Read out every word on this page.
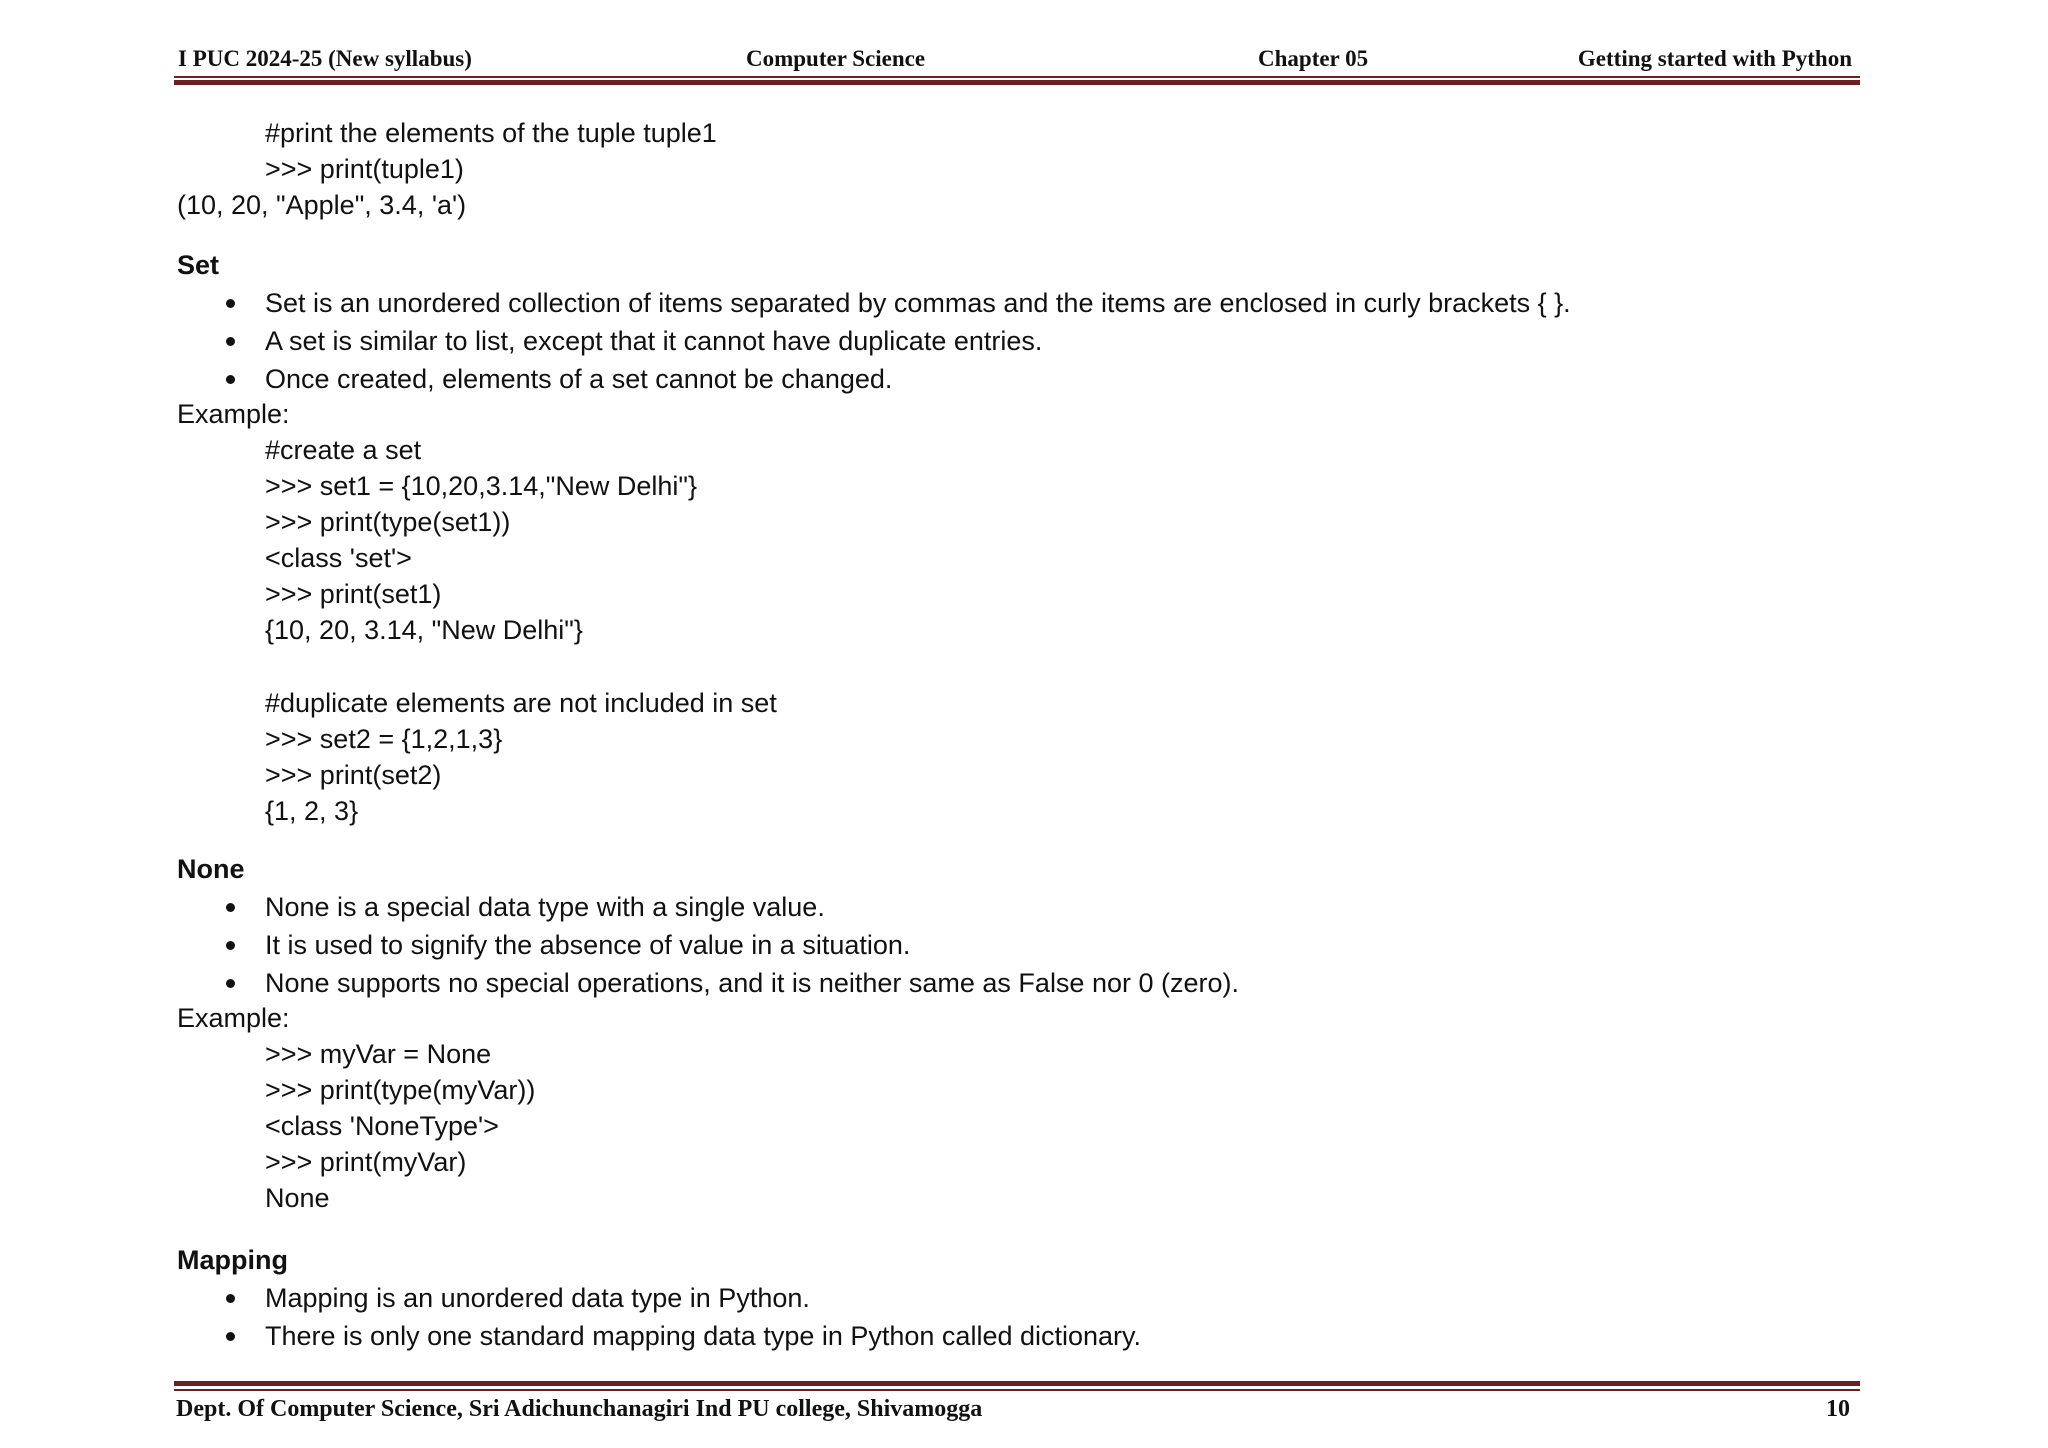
I PUC 2024-25 (New syllabus)	Computer Science	Chapter 05	Getting started with Python
#print the elements of the tuple tuple1
>>> print(tuple1)
(10, 20, "Apple", 3.4, 'a')
Set
Set is an unordered collection of items separated by commas and the items are enclosed in curly brackets { }.
A set is similar to list, except that it cannot have duplicate entries.
Once created, elements of a set cannot be changed.
Example:
#create a set
>>> set1 = {10,20,3.14,"New Delhi"}
>>> print(type(set1))
<class 'set'>
>>> print(set1)
{10, 20, 3.14, "New Delhi"}
#duplicate elements are not included in set
>>> set2 = {1,2,1,3}
>>> print(set2)
{1, 2, 3}
None
None is a special data type with a single value.
It is used to signify the absence of value in a situation.
None supports no special operations, and it is neither same as False nor 0 (zero).
Example:
>>> myVar = None
>>> print(type(myVar))
<class 'NoneType'>
>>> print(myVar)
None
Mapping
Mapping is an unordered data type in Python.
There is only one standard mapping data type in Python called dictionary.
Dept. Of Computer Science, Sri Adichunchanagiri Ind PU college, Shivamogga	10
